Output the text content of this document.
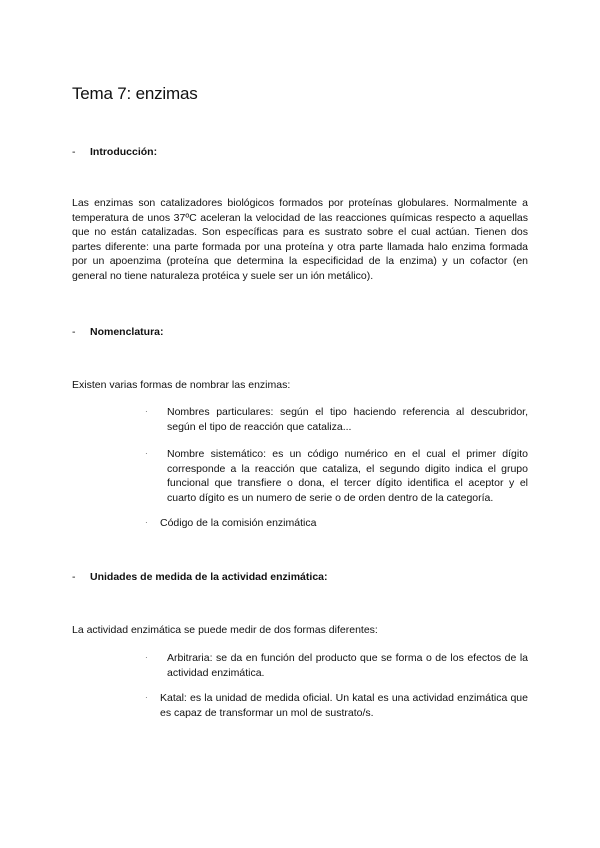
Tema 7: enzimas
- Introducción:

Las enzimas son catalizadores biológicos formados por proteínas globulares. Normalmente a temperatura de unos 37ºC aceleran la velocidad de las reacciones químicas respecto a aquellas que no están catalizadas. Son específicas para es sustrato sobre el cual actúan. Tienen dos partes diferente: una parte formada por una proteína y otra parte llamada halo enzima formada por un apoenzima (proteína que determina la especificidad de la enzima) y un cofactor (en general no tiene naturaleza protéica y suele ser un ión metálico).

- Nomenclatura:

Existen varias formas de nombrar las enzimas:

·	Nombres particulares: según el tipo haciendo referencia al descubridor, según el tipo de reacción que cataliza...
·	Nombre sistemático: es un código numérico en el cual el primer dígito corresponde a la reacción que cataliza, el segundo digito indica el grupo funcional que transfiere o dona, el tercer dígito identifica el aceptor y el cuarto dígito es un numero de serie o de orden dentro de la categoría.
·	Código de la comisión enzimática
- Unidades de medida de la actividad enzimática:

La actividad enzimática se puede medir de dos formas diferentes:

·	Arbitraria: se da en función del producto que se forma o de los efectos de la actividad enzimática.
·	Katal: es la unidad de medida oficial. Un katal es una actividad enzimática que es capaz de transformar un mol de sustrato/s.
